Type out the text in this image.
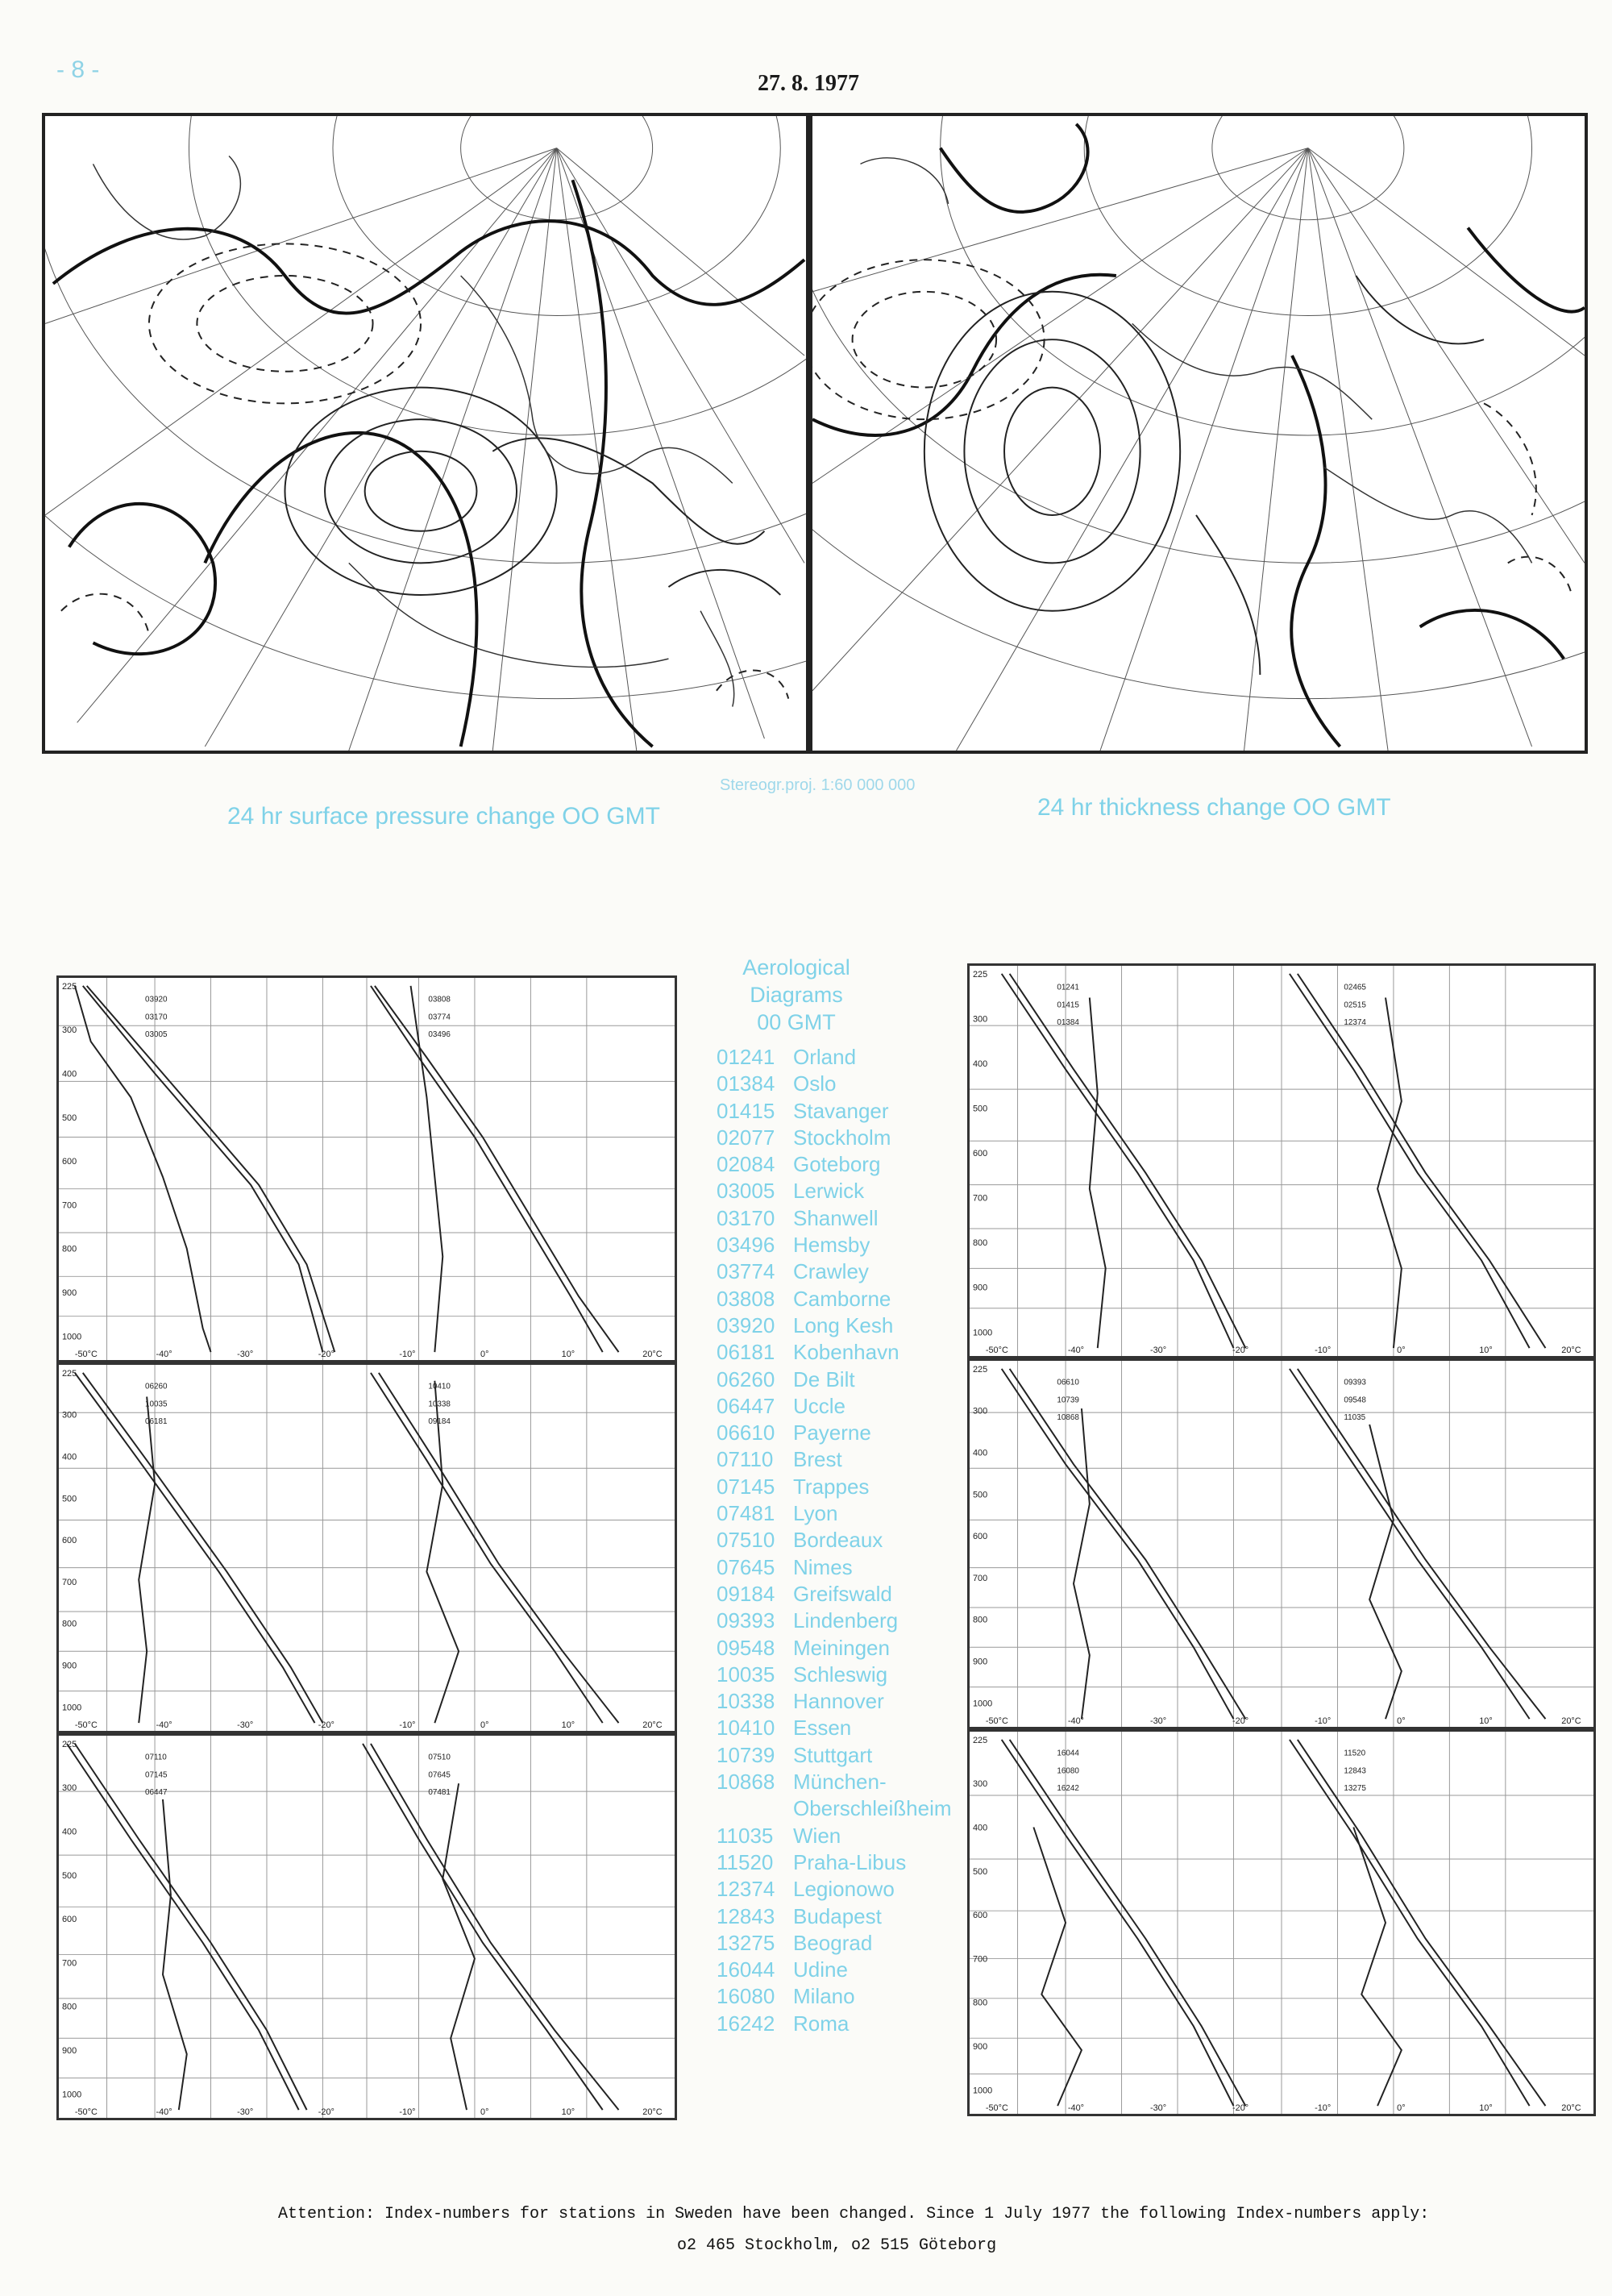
- 8 -
27. 8. 1977
24 hr surface pressure change OO GMT
Stereogr.proj. 1:60 000 000
24 hr thickness change OO GMT
225
300
400
500
600
700
800
900
1000
-50°C	-40°	-30°	-20°	-10°	0°	10°	20°C
03920
03170
03005
03808
03774
03496
225
300
400
500
600
700
800
900
1000
-50°C	-40°	-30°	-20°	-10°	0°	10°	20°C
06260
10035
06181
10410
10338
09184
225
300
400
500
600
700
800
900
1000
-50°C	-40°	-30°	-20°	-10°	0°	10°	20°C
07110
07145
06447
07510
07645
07481
225
300
400
500
600
700
800
900
1000
-50°C	-40°	-30°	-20°	-10°	0°	10°	20°C
01241
01415
01384
02465
02515
12374
225
300
400
500
600
700
800
900
1000
-50°C	-40°	-30°	-20°	-10°	0°	10°	20°C
06610
10739
10868
09393
09548
11035
225
300
400
500
600
700
800
900
1000
-50°C	-40°	-30°	-20°	-10°	0°	10°	20°C
16044
16080
16242
11520
12843
13275
Aerological
Diagrams
00 GMT
01241 Orland
01384 Oslo
01415 Stavanger
02077 Stockholm
02084 Goteborg
03005 Lerwick
03170 Shanwell
03496 Hemsby
03774 Crawley
03808 Camborne
03920 Long Kesh
06181 Kobenhavn
06260 De Bilt
06447 Uccle
06610 Payerne
07110 Brest
07145 Trappes
07481 Lyon
07510 Bordeaux
07645 Nimes
09184 Greifswald
09393 Lindenberg
09548 Meiningen
10035 Schleswig
10338 Hannover
10410 Essen
10739 Stuttgart
10868 München-
Oberschleißheim
11035 Wien
11520 Praha-Libus
12374 Legionowo
12843 Budapest
13275 Beograd
16044 Udine
16080 Milano
16242 Roma
Attention: Index-numbers for stations in Sweden have been changed. Since 1 July 1977 the following Index-numbers apply:
o2 465 Stockholm, o2 515 Göteborg
